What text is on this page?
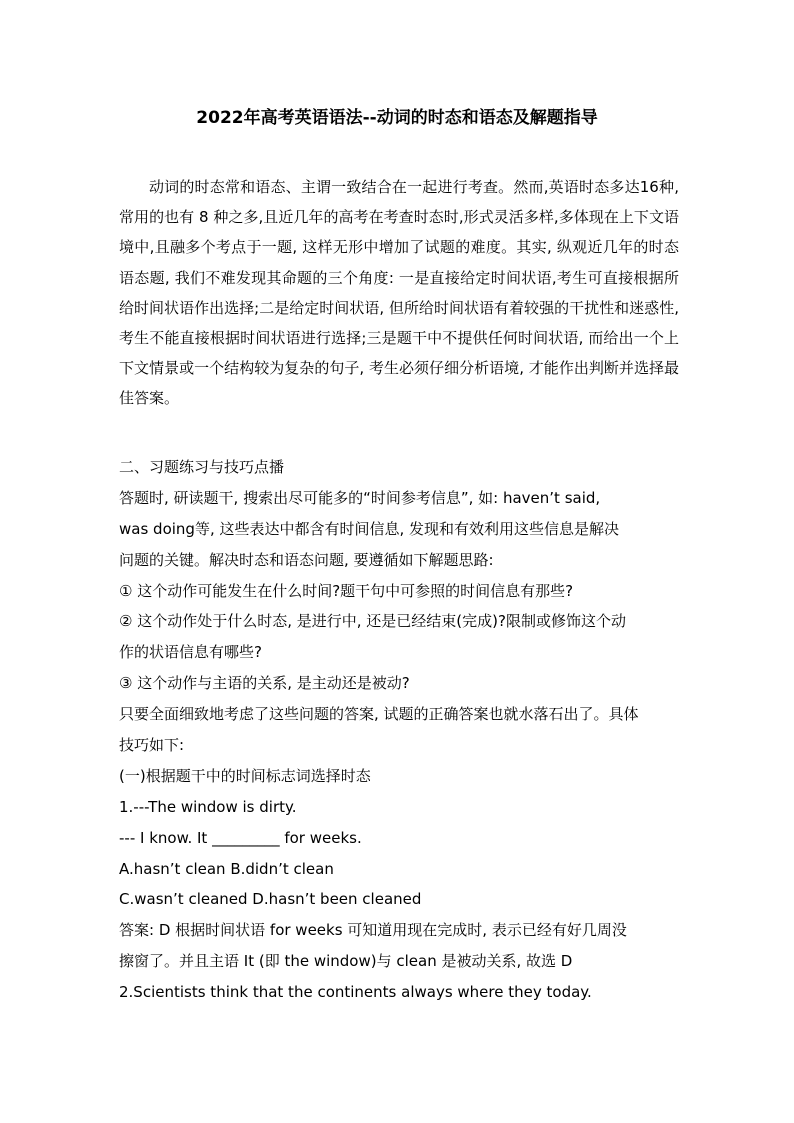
2022年高考英语语法--动词的时态和语态及解题指导

动词的时态常和语态、主谓一致结合在一起进行考查。然而,英语时态多达16种,常用的也有 8 种之多,且近几年的高考在考查时态时,形式灵活多样,多体现在上下文语境中,且融多个考点于一题, 这样无形中增加了试题的难度。其实, 纵观近几年的时态语态题, 我们不难发现其命题的三个角度: 一是直接给定时间状语,考生可直接根据所给时间状语作出选择;二是给定时间状语, 但所给时间状语有着较强的干扰性和迷惑性, 考生不能直接根据时间状语进行选择;三是题干中不提供任何时间状语, 而给出一个上下文情景或一个结构较为复杂的句子, 考生必须仔细分析语境, 才能作出判断并选择最佳答案。

二、习题练习与技巧点播
答题时, 研读题干, 搜索出尽可能多的“时间参考信息”, 如: haven’t said,
was doing等, 这些表达中都含有时间信息, 发现和有效利用这些信息是解决
问题的关键。解决时态和语态问题, 要遵循如下解题思路:
① 这个动作可能发生在什么时间?题干句中可参照的时间信息有那些?
② 这个动作处于什么时态, 是进行中, 还是已经结束(完成)?限制或修饰这个动
作的状语信息有哪些?
③ 这个动作与主语的关系, 是主动还是被动?
只要全面细致地考虑了这些问题的答案, 试题的正确答案也就水落石出了。具体
技巧如下:
(一)根据题干中的时间标志词选择时态
1.---The window is dirty.
--- I know. It _________ for weeks.
A.hasn’t clean B.didn’t clean
C.wasn’t cleaned D.hasn’t been cleaned
答案: D 根据时间状语 for weeks 可知道用现在完成时, 表示已经有好几周没
擦窗了。并且主语 It (即 the window)与 clean 是被动关系, 故选 D
2.Scientists think that the continents always where they today.
